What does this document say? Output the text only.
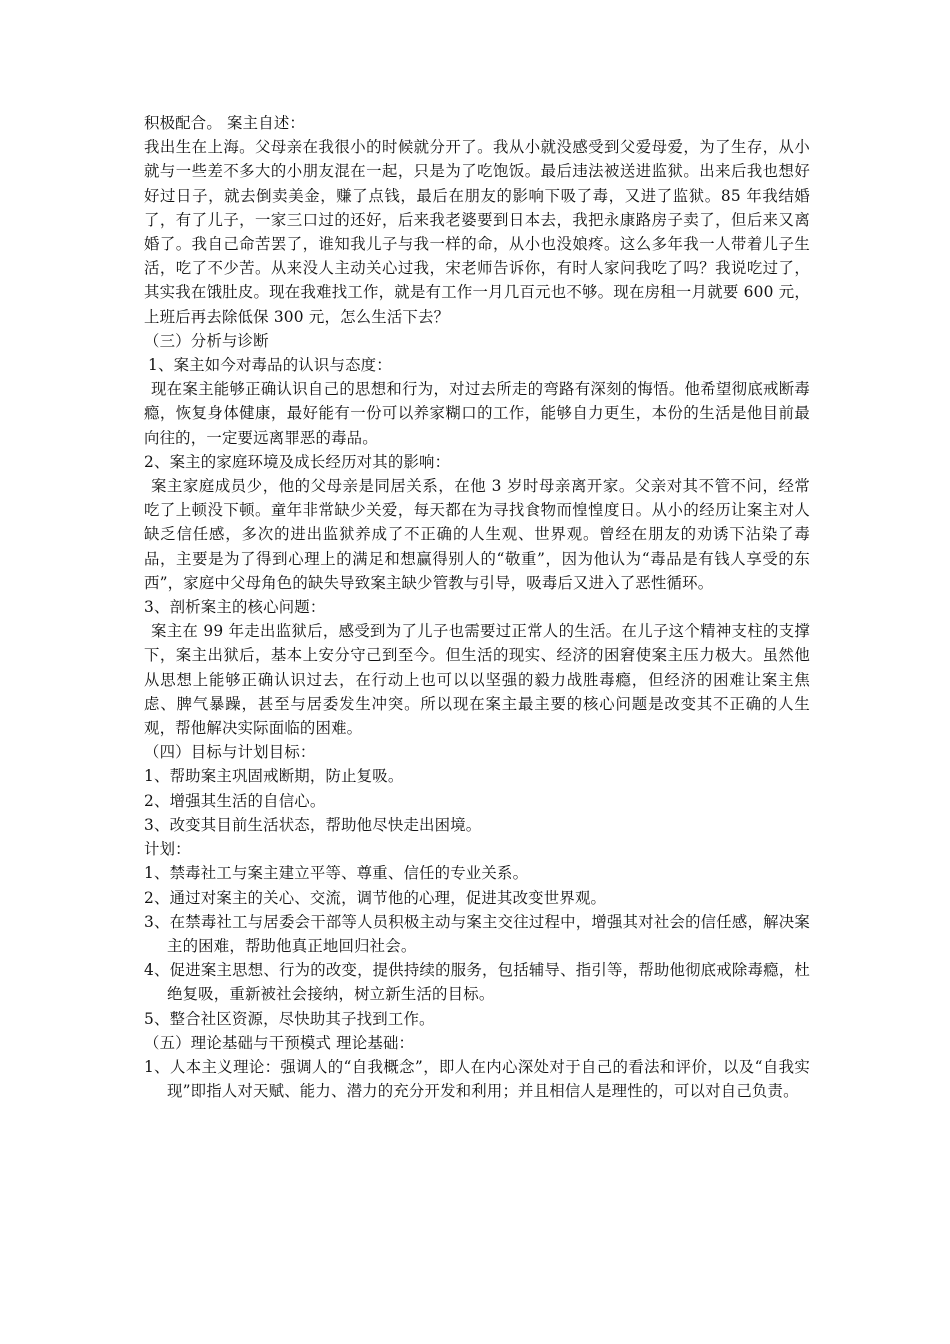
积极配合。 案主自述：

我出生在上海。父母亲在我很小的时候就分开了。我从小就没感受到父爱母爱，为了生存，从小就与一些差不多大的小朋友混在一起，只是为了吃饱饭。最后违法被送进监狱。出来后我也想好好过日子，就去倒卖美金，赚了点钱，最后在朋友的影响下吸了毒，又进了监狱。85 年我结婚了，有了儿子，一家三口过的还好，后来我老婆要到日本去，我把永康路房子卖了，但后来又离婚了。我自己命苦罢了，谁知我儿子与我一样的命，从小也没娘疼。这么多年我一人带着儿子生活，吃了不少苦。从来没人主动关心过我，宋老师告诉你，有时人家问我吃了吗？我说吃过了，其实我在饿肚皮。现在我难找工作，就是有工作一月几百元也不够。现在房租一月就要 600 元，上班后再去除低保 300 元，怎么生活下去？

（三）分析与诊断

1、案主如今对毒品的认识与态度：

现在案主能够正确认识自己的思想和行为，对过去所走的弯路有深刻的悔悟。他希望彻底戒断毒瘾，恢复身体健康，最好能有一份可以养家糊口的工作，能够自力更生，本份的生活是他目前最向往的，一定要远离罪恶的毒品。

2、案主的家庭环境及成长经历对其的影响：

案主家庭成员少，他的父母亲是同居关系，在他 3 岁时母亲离开家。父亲对其不管不问，经常吃了上顿没下顿。童年非常缺少关爱，每天都在为寻找食物而惶惶度日。从小的经历让案主对人缺乏信任感，多次的进出监狱养成了不正确的人生观、世界观。曾经在朋友的劝诱下沾染了毒品，主要是为了得到心理上的满足和想赢得别人的“敬重”，因为他认为“毒品是有钱人享受的东西”，家庭中父母角色的缺失导致案主缺少管教与引导，吸毒后又进入了恶性循环。

3、剖析案主的核心问题：

案主在 99 年走出监狱后，感受到为了儿子也需要过正常人的生活。在儿子这个精神支柱的支撑下，案主出狱后，基本上安分守己到至今。但生活的现实、经济的困窘使案主压力极大。虽然他从思想上能够正确认识过去，在行动上也可以以坚强的毅力战胜毒瘾，但经济的困难让案主焦虑、脾气暴躁，甚至与居委发生冲突。所以现在案主最主要的核心问题是改变其不正确的人生观，帮他解决实际面临的困难。

（四）目标与计划目标：

1、帮助案主巩固戒断期，防止复吸。

2、增强其生活的自信心。

3、改变其目前生活状态，帮助他尽快走出困境。

计划：

1、禁毒社工与案主建立平等、尊重、信任的专业关系。

2、通过对案主的关心、交流，调节他的心理，促进其改变世界观。

3、在禁毒社工与居委会干部等人员积极主动与案主交往过程中，增强其对社会的信任感，解决案主的困难，帮助他真正地回归社会。

4、促进案主思想、行为的改变，提供持续的服务，包括辅导、指引等，帮助他彻底戒除毒瘾，杜绝复吸，重新被社会接纳，树立新生活的目标。

5、整合社区资源，尽快助其子找到工作。

（五）理论基础与干预模式 理论基础：

1、人本主义理论：强调人的“自我概念”，即人在内心深处对于自己的看法和评价，以及“自我实现”即指人对天赋、能力、潜力的充分开发和利用；并且相信人是理性的，可以对自己负责。
